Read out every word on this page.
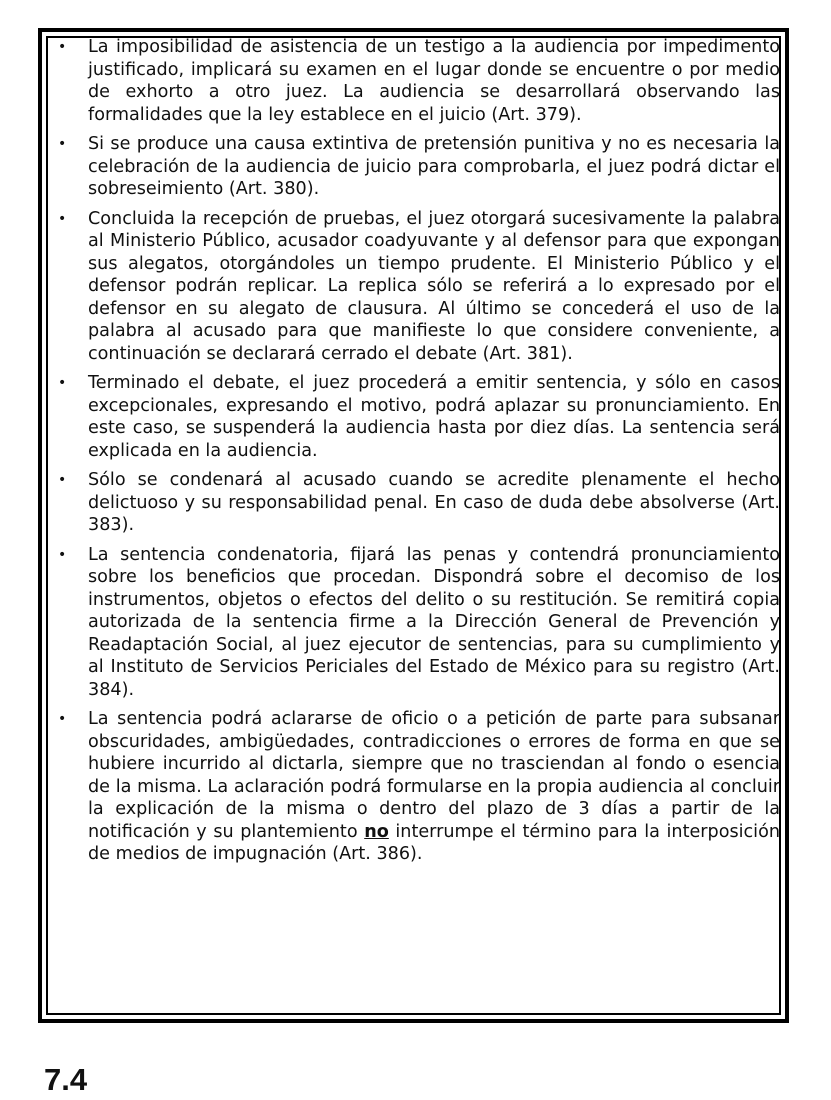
• La imposibilidad de asistencia de un testigo a la audiencia por impedimento justificado, implicará su examen en el lugar donde se encuentre o por medio de exhorto a otro juez. La audiencia se desarrollará observando las formalidades que la ley establece en el juicio (Art. 379).
• Si se produce una causa extintiva de pretensión punitiva y no es necesaria la celebración de la audiencia de juicio para comprobarla, el juez podrá dictar el sobreseimiento (Art. 380).
• Concluida la recepción de pruebas, el juez otorgará sucesivamente la palabra al Ministerio Público, acusador coadyuvante y al defensor para que expongan sus alegatos, otorgándoles un tiempo prudente. El Ministerio Público y el defensor podrán replicar. La replica sólo se referirá a lo expresado por el defensor en su alegato de clausura. Al último se concederá el uso de la palabra al acusado para que manifieste lo que considere conveniente, a continuación se declarará cerrado el debate (Art. 381).
• Terminado el debate, el juez procederá a emitir sentencia, y sólo en casos excepcionales, expresando el motivo, podrá aplazar su pronunciamiento. En este caso, se suspenderá la audiencia hasta por diez días. La sentencia será explicada en la audiencia.
• Sólo se condenará al acusado cuando se acredite plenamente el hecho delictuoso y su responsabilidad penal. En caso de duda debe absolverse (Art. 383).
• La sentencia condenatoria, fijará las penas y contendrá pronunciamiento sobre los beneficios que procedan. Dispondrá sobre el decomiso de los instrumentos, objetos o efectos del delito o su restitución. Se remitirá copia autorizada de la sentencia firme a la Dirección General de Prevención y Readaptación Social, al juez ejecutor de sentencias, para su cumplimiento y al Instituto de Servicios Periciales del Estado de México para su registro (Art. 384).
• La sentencia podrá aclararse de oficio o a petición de parte para subsanar obscuridades, ambigüedades, contradicciones o errores de forma en que se hubiere incurrido al dictarla, siempre que no trasciendan al fondo o esencia de la misma. La aclaración podrá formularse en la propia audiencia al concluir la explicación de la misma o dentro del plazo de 3 días a partir de la notificación y su plantemiento no interrumpe el término para la interposición de medios de impugnación (Art. 386).
7.4
